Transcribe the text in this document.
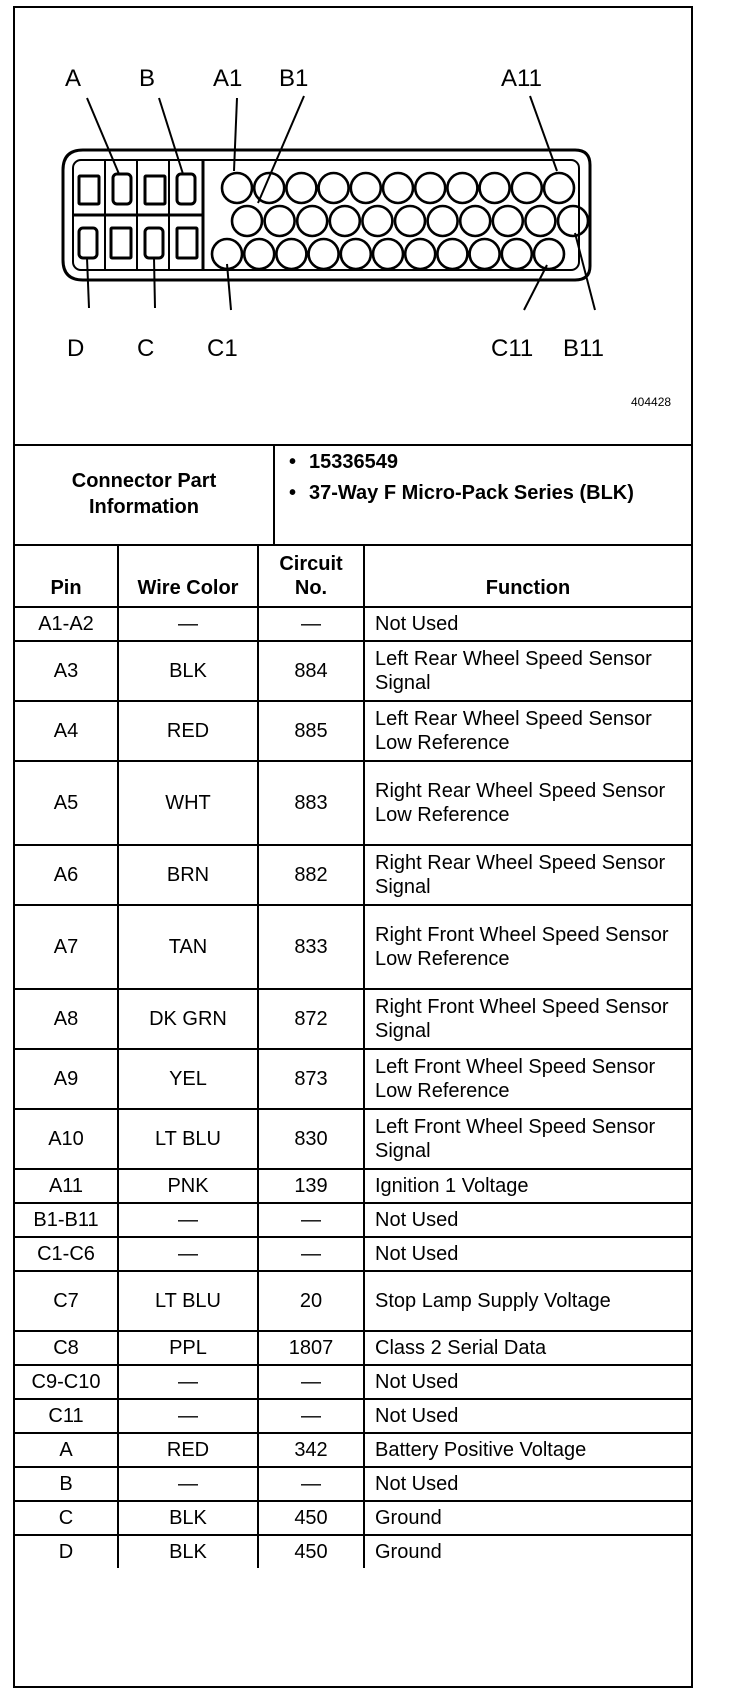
A B A1 B1	A11
D C C1	C11 B11
404428
Connector Part Information
• 15336549
• 37-Way F Micro-Pack Series (BLK)
Pin	Wire Color	Circuit No.	Function
A1-A2	—	—	Not Used
A3	BLK	884	Left Rear Wheel Speed Sensor Signal
A4	RED	885	Left Rear Wheel Speed Sensor Low Reference
A5	WHT	883	Right Rear Wheel Speed Sensor Low Reference
A6	BRN	882	Right Rear Wheel Speed Sensor Signal
A7	TAN	833	Right Front Wheel Speed Sensor Low Reference
A8	DK GRN	872	Right Front Wheel Speed Sensor Signal
A9	YEL	873	Left Front Wheel Speed Sensor Low Reference
A10	LT BLU	830	Left Front Wheel Speed Sensor Signal
A11	PNK	139	Ignition 1 Voltage
B1-B11	—	—	Not Used
C1-C6	—	—	Not Used
C7	LT BLU	20	Stop Lamp Supply Voltage
C8	PPL	1807	Class 2 Serial Data
C9-C10	—	—	Not Used
C11	—	—	Not Used
A	RED	342	Battery Positive Voltage
B	—	—	Not Used
C	BLK	450	Ground
D	BLK	450	Ground
